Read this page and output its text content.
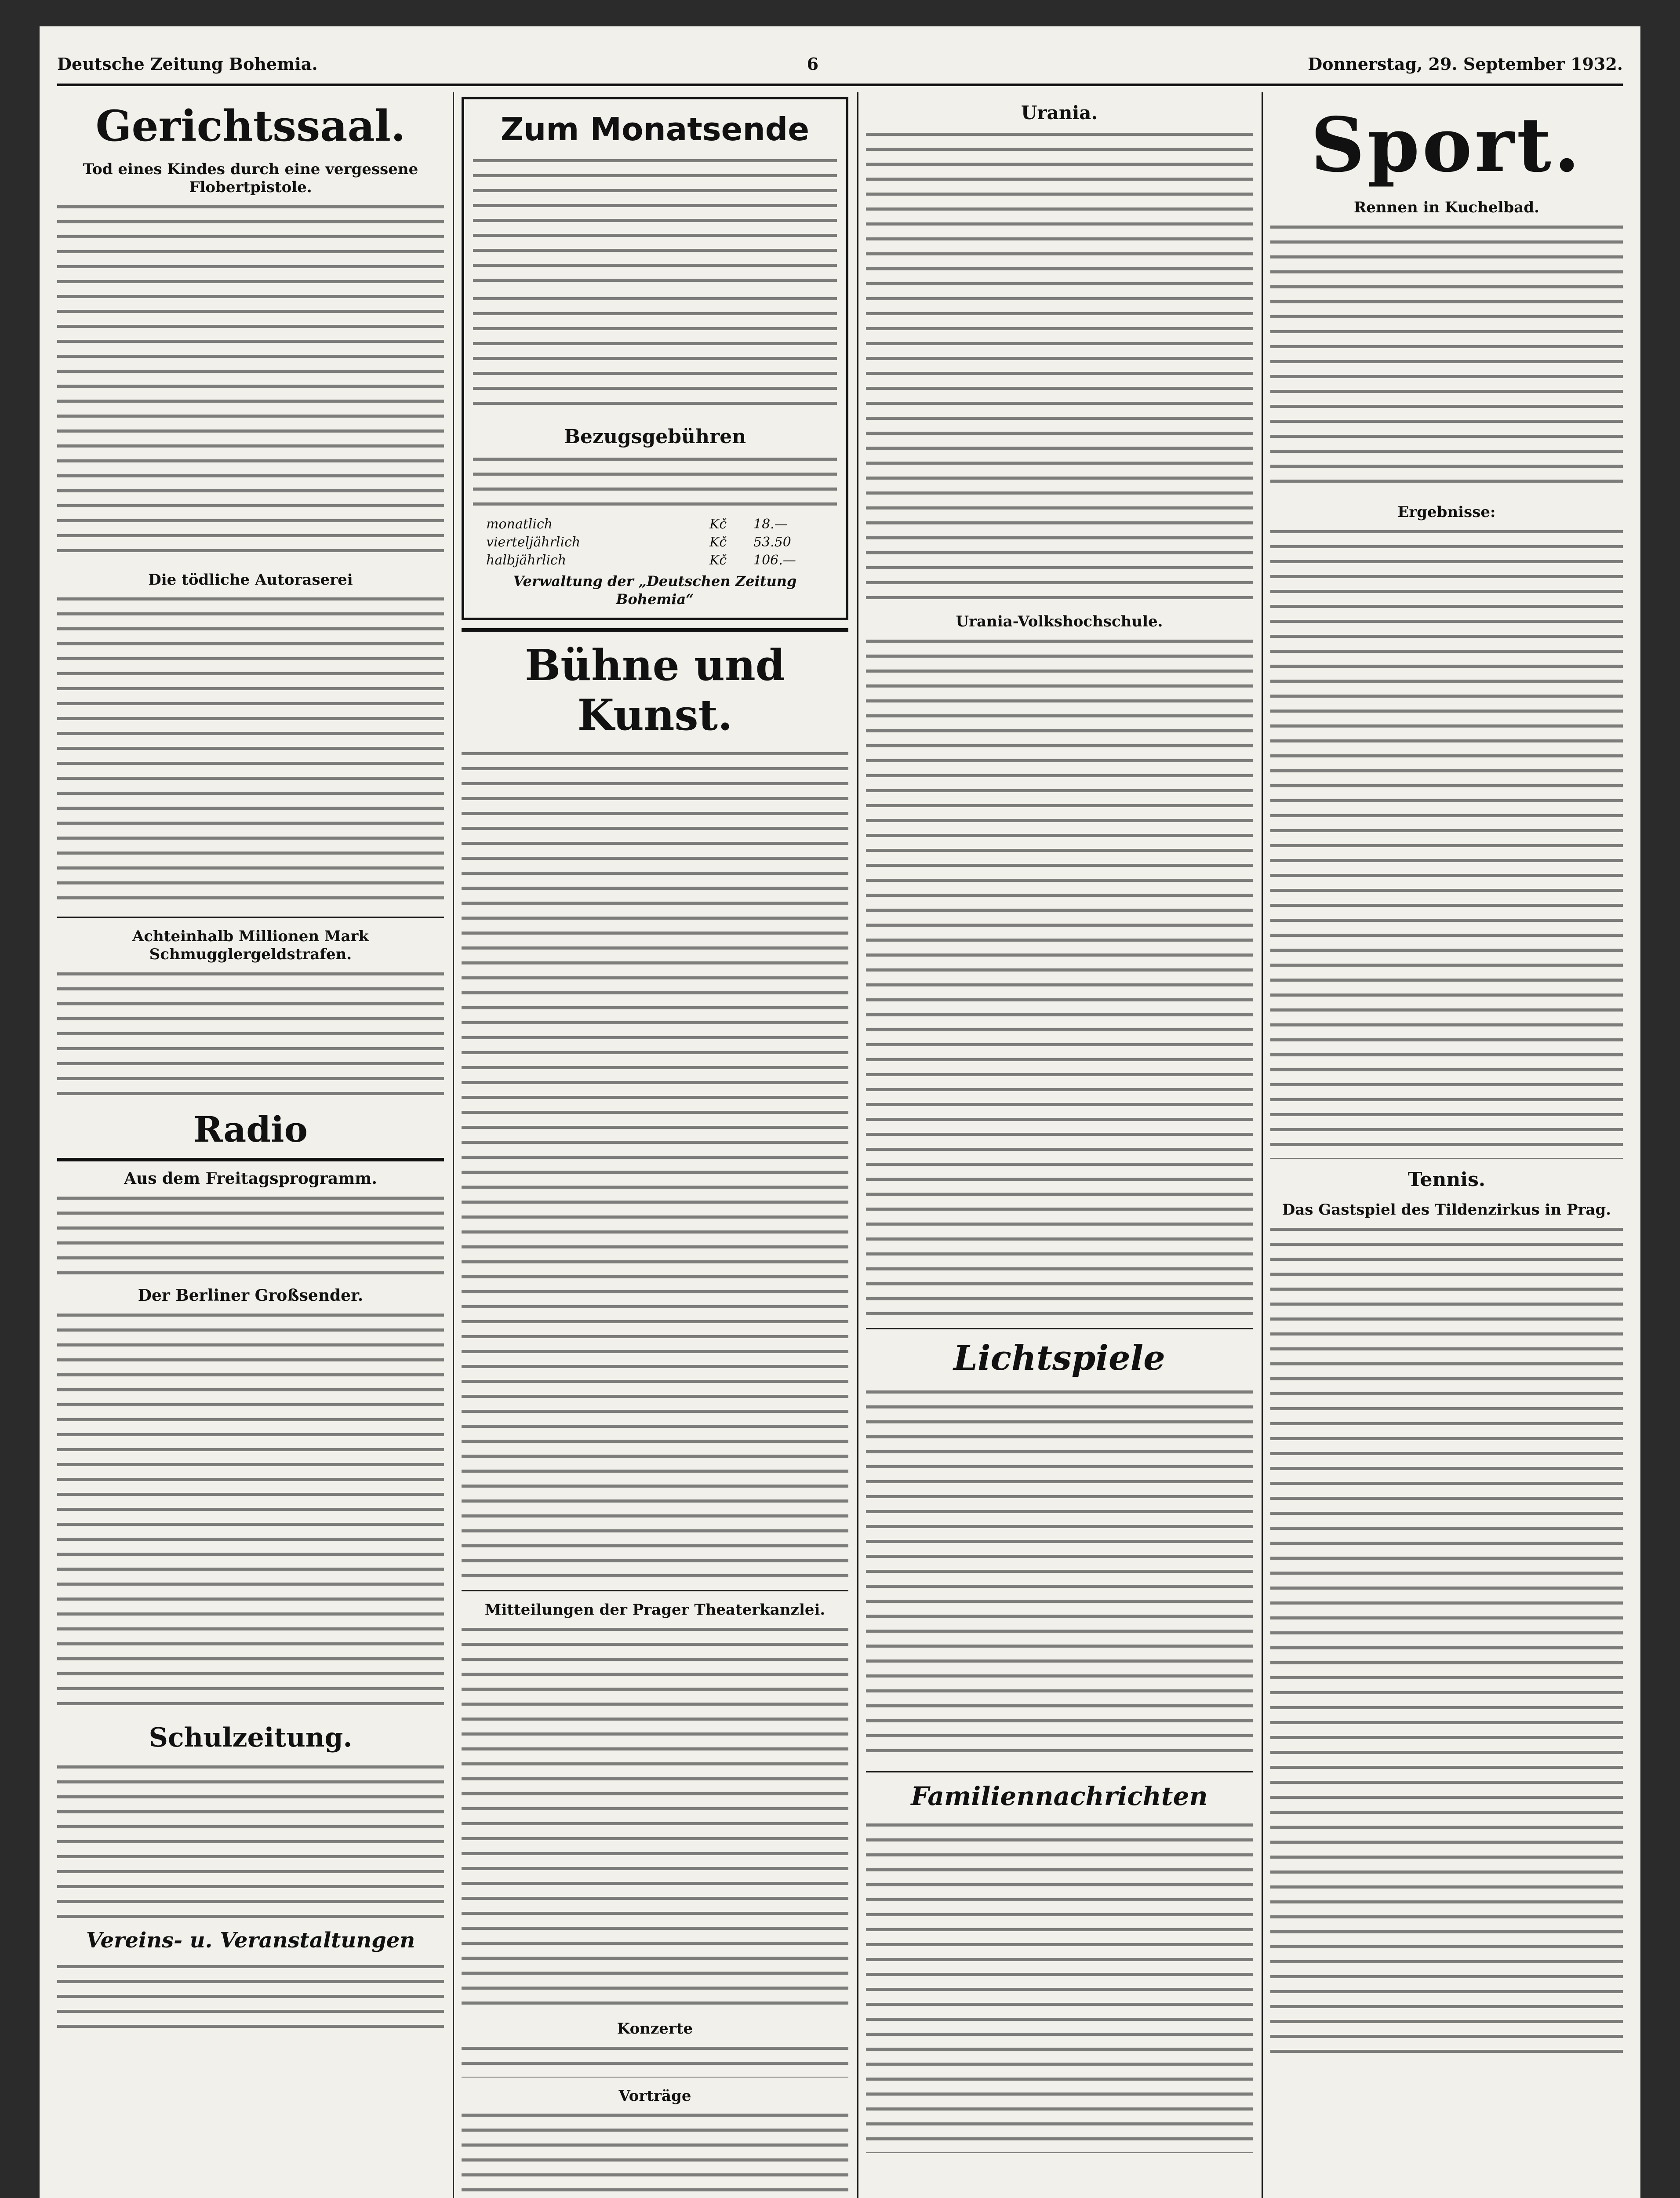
Deutsche Zeitung Bohemia.	6	Donnerstag, 29. September 1932.
Gerichtssaal.
Tod eines Kindes durch eine vergessene Flobertpistole.
Die tödliche Autoraserei
Achteinhalb Millionen Mark Schmugglergeldstrafen.
Radio
Aus dem Freitagsprogramm.
Der Berliner Großsender.
Schulzeitung.
Vereins- u. Veranstaltungen
Zum Monatsende
Bezugsgebühren
monatlich	Kč	18.—
vierteljährlich	Kč	53.50
halbjährlich	Kč	106.—
Verwaltung der „Deutschen Zeitung Bohemia“
Bühne und Kunst.
Mitteilungen der Prager Theaterkanzlei.
Konzerte
Vorträge
Urania.
Urania-Volkshochschule.
Lichtspiele
Familiennachrichten
Sport.
Rennen in Kuchelbad.
Ergebnisse:
Tennis.
Das Gastspiel des Tildenzirkus in Prag.
